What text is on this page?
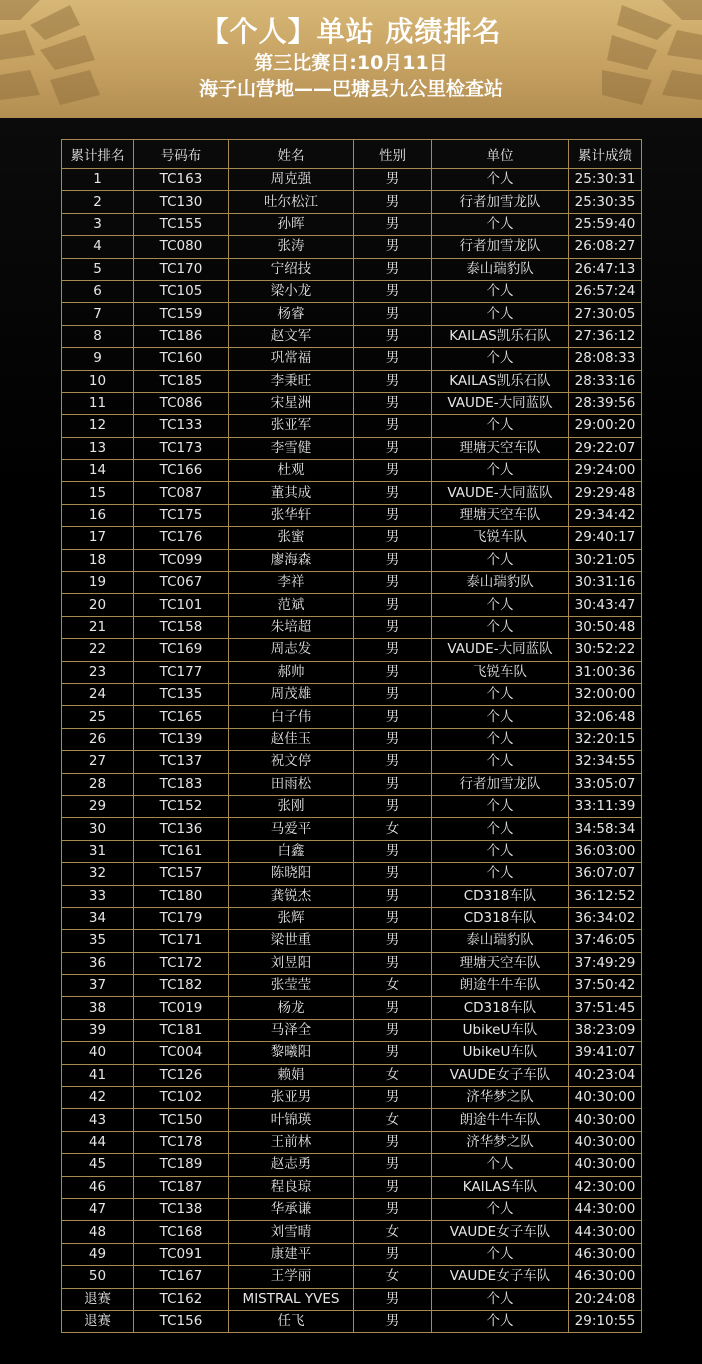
【个人】单站 成绩排名
第三比赛日:10月11日
海子山营地——巴塘县九公里检查站
累计排名	号码布	姓名	性别	单位	累计成绩
1	TC163	周克强	男	个人	25:30:31
2	TC130	吐尔松江	男	行者加雪龙队	25:30:35
3	TC155	孙晖	男	个人	25:59:40
4	TC080	张涛	男	行者加雪龙队	26:08:27
5	TC170	宁绍技	男	泰山瑞豹队	26:47:13
6	TC105	梁小龙	男	个人	26:57:24
7	TC159	杨睿	男	个人	27:30:05
8	TC186	赵文军	男	KAILAS凯乐石队	27:36:12
9	TC160	巩常福	男	个人	28:08:33
10	TC185	李秉旺	男	KAILAS凯乐石队	28:33:16
11	TC086	宋星洲	男	VAUDE-大同蓝队	28:39:56
12	TC133	张亚军	男	个人	29:00:20
13	TC173	李雪健	男	理塘天空车队	29:22:07
14	TC166	杜观	男	个人	29:24:00
15	TC087	董其成	男	VAUDE-大同蓝队	29:29:48
16	TC175	张华轩	男	理塘天空车队	29:34:42
17	TC176	张蜜	男	飞锐车队	29:40:17
18	TC099	廖海森	男	个人	30:21:05
19	TC067	李祥	男	泰山瑞豹队	30:31:16
20	TC101	范斌	男	个人	30:43:47
21	TC158	朱培超	男	个人	30:50:48
22	TC169	周志发	男	VAUDE-大同蓝队	30:52:22
23	TC177	郝帅	男	飞锐车队	31:00:36
24	TC135	周茂雄	男	个人	32:00:00
25	TC165	白子伟	男	个人	32:06:48
26	TC139	赵佳玉	男	个人	32:20:15
27	TC137	祝文停	男	个人	32:34:55
28	TC183	田雨松	男	行者加雪龙队	33:05:07
29	TC152	张刚	男	个人	33:11:39
30	TC136	马爱平	女	个人	34:58:34
31	TC161	白鑫	男	个人	36:03:00
32	TC157	陈晓阳	男	个人	36:07:07
33	TC180	龚锐杰	男	CD318车队	36:12:52
34	TC179	张辉	男	CD318车队	36:34:02
35	TC171	梁世重	男	泰山瑞豹队	37:46:05
36	TC172	刘昱阳	男	理塘天空车队	37:49:29
37	TC182	张莹莹	女	朗途牛牛车队	37:50:42
38	TC019	杨龙	男	CD318车队	37:51:45
39	TC181	马泽全	男	UbikeU车队	38:23:09
40	TC004	黎曦阳	男	UbikeU车队	39:41:07
41	TC126	赖娟	女	VAUDE女子车队	40:23:04
42	TC102	张亚男	男	济华梦之队	40:30:00
43	TC150	叶锦瑛	女	朗途牛牛车队	40:30:00
44	TC178	王前林	男	济华梦之队	40:30:00
45	TC189	赵志勇	男	个人	40:30:00
46	TC187	程良琼	男	KAILAS车队	42:30:00
47	TC138	华承谦	男	个人	44:30:00
48	TC168	刘雪晴	女	VAUDE女子车队	44:30:00
49	TC091	康建平	男	个人	46:30:00
50	TC167	王学丽	女	VAUDE女子车队	46:30:00
退赛	TC162	MISTRAL YVES	男	个人	20:24:08
退赛	TC156	任飞	男	个人	29:10:55
